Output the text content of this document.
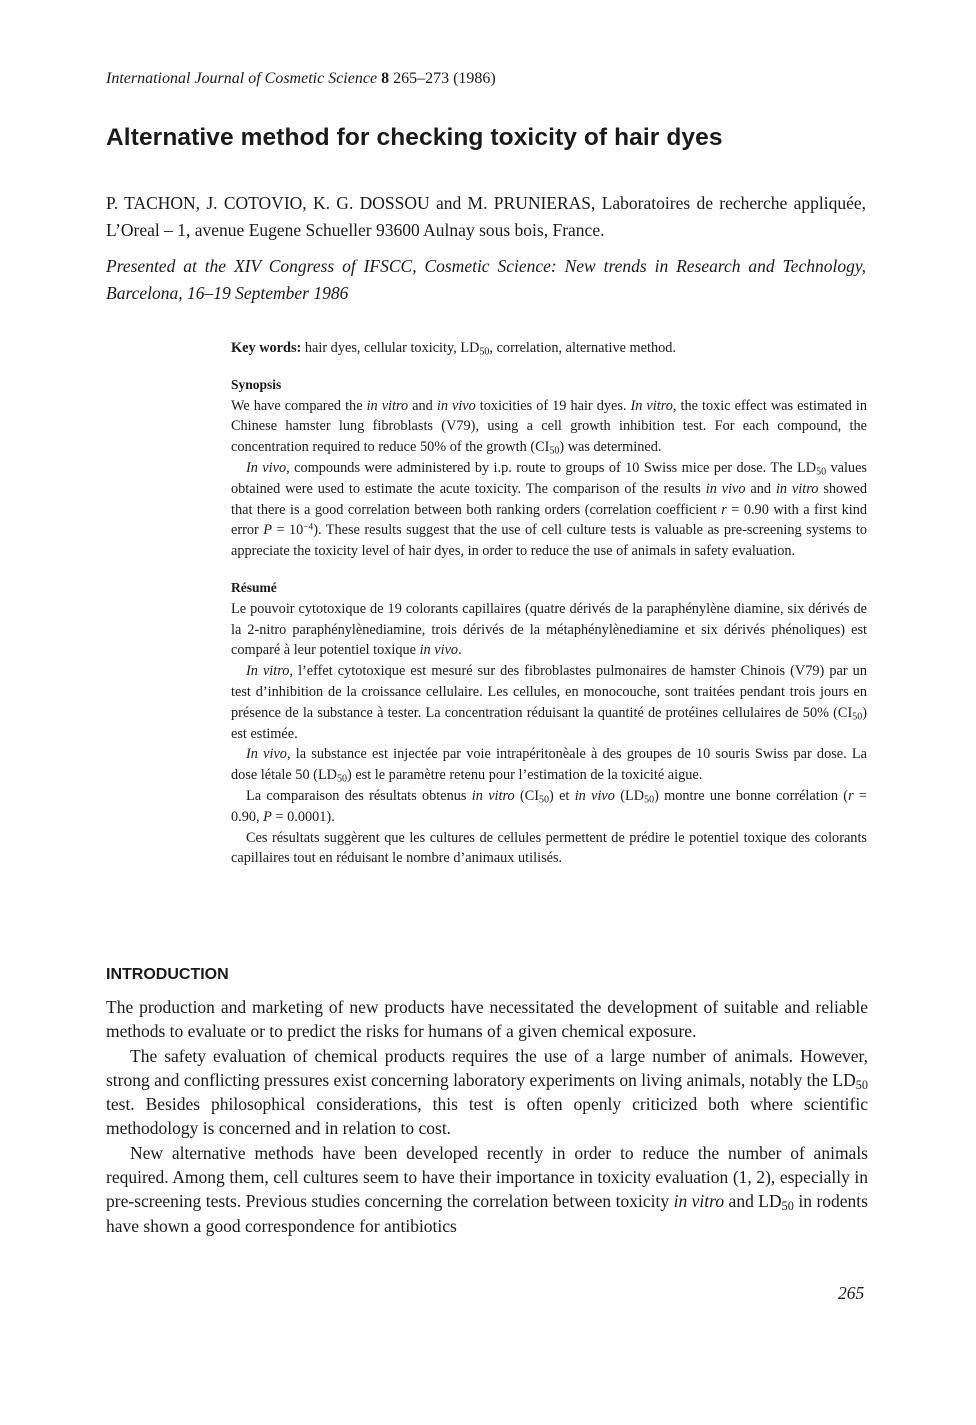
International Journal of Cosmetic Science 8 265–273 (1986)
Alternative method for checking toxicity of hair dyes

P. TACHON, J. COTOVIO, K. G. DOSSOU and M. PRUNIERAS, Laboratoires de recherche appliquée, L’Oreal – 1, avenue Eugene Schueller 93600 Aulnay sous bois, France.

Presented at the XIV Congress of IFSCC, Cosmetic Science: New trends in Research and Technology, Barcelona, 16–19 September 1986

Key words: hair dyes, cellular toxicity, $LD_{50}$, correlation, alternative method.

Synopsis

We have compared the in vitro and in vivo toxicities of 19 hair dyes. In vitro, the toxic effect was estimated in Chinese hamster lung fibroblasts (V79), using a cell growth inhibition test. For each compound, the concentration required to reduce 50% of the growth $(CI_{50})$ was determined.

In vivo, compounds were administered by i.p. route to groups of 10 Swiss mice per dose. The $LD_{50}$ values obtained were used to estimate the acute toxicity. The comparison of the results in vivo and in vitro showed that there is a good correlation between both ranking orders (correlation coefficient r = 0.90 with a first kind error $P = 10^{-4}$). These results suggest that the use of cell culture tests is valuable as pre-screening systems to appreciate the toxicity level of hair dyes, in order to reduce the use of animals in safety evaluation.

Résumé

Le pouvoir cytotoxique de 19 colorants capillaires (quatre dérivés de la paraphénylène diamine, six dérivés de la 2-nitro paraphénylènediamine, trois dérivés de la métaphénylènediamine et six dérivés phénoliques) est comparé à leur potentiel toxique in vivo.

In vitro, l’effet cytotoxique est mesuré sur des fibroblastes pulmonaires de hamster Chinois (V79) par un test d’inhibition de la croissance cellulaire. Les cellules, en monocouche, sont traitées pendant trois jours en présence de la substance à tester. La concentration réduisant la quantité de protéines cellulaires de 50% $(CI_{50})$ est estimée.

In vivo, la substance est injectée par voie intrapéritonèale à des groupes de 10 souris Swiss par dose. La dose létale 50 $(LD_{50})$ est le paramètre retenu pour l’estimation de la toxicité aigue.

La comparaison des résultats obtenus in vitro $(CI_{50})$ et in vivo $(LD_{50})$ montre une bonne corrélation (r = 0.90, P = 0.0001).

Ces résultats suggèrent que les cultures de cellules permettent de prédire le potentiel toxique des colorants capillaires tout en réduisant le nombre d’animaux utilisés.

INTRODUCTION

The production and marketing of new products have necessitated the development of suitable and reliable methods to evaluate or to predict the risks for humans of a given chemical exposure.

The safety evaluation of chemical products requires the use of a large number of animals. However, strong and conflicting pressures exist concerning laboratory experiments on living animals, notably the $LD_{50}$ test. Besides philosophical considerations, this test is often openly criticized both where scientific methodology is concerned and in relation to cost.

New alternative methods have been developed recently in order to reduce the number of animals required. Among them, cell cultures seem to have their importance in toxicity evaluation (1, 2), especially in pre-screening tests. Previous studies concerning the correlation between toxicity in vitro and $LD_{50}$ in rodents have shown a good correspondence for antibiotics

265
